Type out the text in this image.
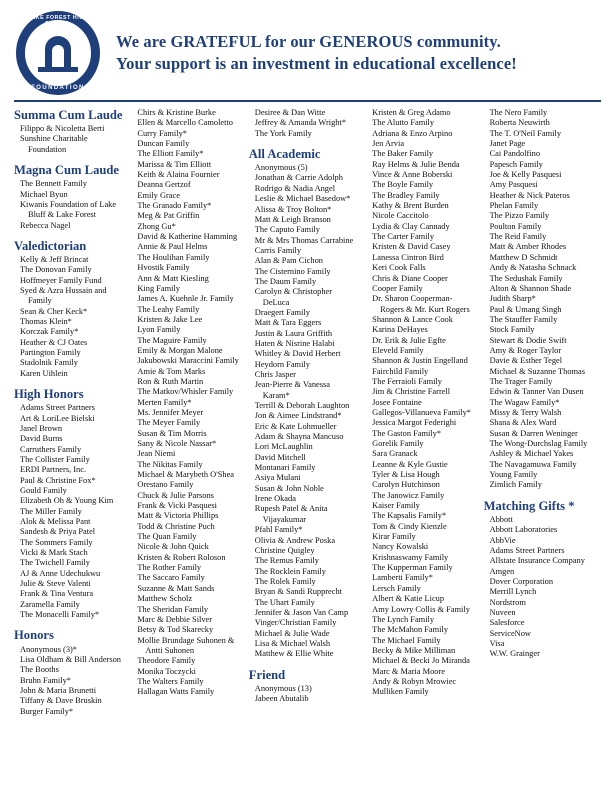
LAKE FOREST HIGH SCHOOL
FOUNDATION
We are GRATEFUL for our GENEROUS community.
Your support is an investment in educational excellence!
Summa Cum Laude
Filippo & Nicoletta Berti
Sunshine Charitable
Foundation
Magna Cum Laude
The Bennett Family
Michael Byun
Kiwanis Foundation of Lake
Bluff & Lake Forest
Rebecca Nagel
Valedictorian
Kelly & Jeff Brincat
The Donovan Family
Hoffmeyer Family Fund
Syed & Azra Hussain and
Family
Sean & Cher Keck*
Thomas Klein*
Korczak Family*
Heather & CJ Oates
Partington Family
Stadolnik Family
Karen Uihlein
High Honors
Adams Street Partners
Art & LoriLee Bielski
Janel Brown
David Burns
Carruthers Family
The Collister Family
ERDI Partners, Inc.
Paul & Christine Fox*
Gould Family
Elizabeth Oh & Young Kim
The Miller Family
Alok & Melissa Pant
Sandesh & Priya Patel
The Sommers Family
Vicki & Mark Stach
The Twichell Family
AJ & Anne Udechukwu
Julie & Steve Valenti
Frank & Tina Ventura
Zaramella Family
The Monacelli Family*
Honors
Anonymous (3)*
Lisa Oldham & Bill Anderson
The Booths
Bruhn Family*
John & Maria Brunetti
Tiffany & Dave Bruskin
Burger Family*
Chirs & Kristine Burke
Ellen & Marcello Camoletto
Curry Family*
Duncan Family
The Elliott Family*
Marissa & Tim Elliott
Keith & Alaina Fournier
Deanna Gertzof
Emily Grace
The Granado Family*
Meg & Pat Griffin
Zhong Gu*
David & Katherine Hamming
Annie & Paul Helms
The Houlihan Family
Hvostik Family
Ann & Matt Kiesling
King Family
James A. Kuehnle Jr. Family
The Leahy Family
Kristen & Jake Lee
Lyon Family
The Maguire Family
Emily & Morgan Malone
Jakubowski Maraccini Family
Amie & Tom Marks
Ron & Ruth Martin
The Matkov/Whisler Family
Merten Family*
Ms. Jennifer Meyer
The Meyer Family
Susan & Tim Morris
Sany & Nicole Nassar*
Jean Niemi
The Nikitas Family
Michael & Marybeth O'Shea
Orestano Family
Chuck & Julie Parsons
Frank & Vicki Pasquesi
Matt & Victoria Phillips
Todd & Christine Puch
The Quan Family
Nicole & John Quick
Kristen & Robert Roloson
The Rother Family
The Saccaro Family
Suzanne & Matt Sands
Matthew Scholz
The Sheridan Family
Marc & Debbie Silver
Betsy & Tod Skarecky
Mollie Brundage Suhonen &
Antti Suhonen
Theodore Family
Monika Toczycki
The Walters Family
Hallagan Watts Family
Desiree & Dan Witte
Jeffrey & Amanda Wright*
The York Family
All Academic
Anonymous (5)
Jonathan & Carrie Adolph
Rodrigo & Nadia Angel
Leslie & Michael Basedow*
Alissa & Troy Bolton*
Matt & Leigh Branson
The Caputo Family
Mr & Mrs Thomas Carrabine
Carris Family
Alan & Pam Cichon
The Cisternino Family
The Daum Family
Carolyn & Christopher
DeLuca
Draegert Family
Matt & Tara Eggers
Justin & Laura Griffith
Haten & Nisrine Halabi
Whitley & David Herbert
Heydorn Family
Chris Jasper
Jean-Pierre & Vanessa
Karam*
Terrill & Deborah Laughton
Jon & Aimee Lindstrand*
Eric & Kate Lohmueller
Adam & Shayna Mancuso
Lori McLaughlin
David Mitchell
Montanari Family
Asiya Mulani
Susan & John Noble
Irene Okada
Rupesh Patel & Anita
Vijayakumar
Pfahl Family*
Olivia & Andrew Poska
Christine Quigley
The Remus Family
The Rocklein Family
The Rolek Family
Bryan & Sandi Rupprecht
The Uhart Family
Jennifer & Jason Van Camp
Vinger/Christian Family
Michael & Julie Wade
Lisa & Michael Walsh
Matthew & Ellie White
Friend
Anonymous (13)
Jabeen Abutalib
Kristen & Greg Adamo
The Alutto Family
Adriana & Enzo Arpino
Jen Arvia
The Baker Family
Ray Helms & Julie Benda
Vince & Anne Boberski
The Boyle Family
The Bradley Family
Kathy & Brent Burden
Nicole Caccitolo
Lydia & Clay Cannady
The Carter Family
Kristen & David Casey
Lanessa Cintron Bird
Keri Cook Falls
Chris & Diane Cooper
Cooper Family
Dr. Sharon Cooperman-
Rogers & Mr. Kurt Rogers
Shannon & Lance Cook
Karina DeHayes
Dr. Erik & Julie Egfte
Eleveld Family
Shannon & Justin Engelland
Fairchild Family
The Ferraioli Family
Jim & Christine Farrell
Josee Fontaine
Gallegos-Villanueva Family*
Jessica Margot Federighi
The Gaston Family*
Gorelik Family
Sara Granack
Leanne & Kyle Gustie
Tyler & Lisa Hough
Carolyn Hutchinson
The Janowicz Family
Kaiser Family
The Kapsalis Family*
Tom & Cindy Kienzle
Kirar Family
Nancy Kowalski
Krishnaswamy Family
The Kupperman Family
Lamberti Family*
Lersch Family
Albert & Katie Licup
Amy Lowry Collis & Family
The Lynch Family
The McMahon Family
The Michael Family
Becky & Mike Milliman
Michael & Becki Jo Miranda
Marc & Maria Moore
Andy & Robyn Mrowiec
Mulliken Family
The Nero Family
Roberta Neuwirth
The T. O'Neil Family
Janet Page
Cai Pandolfino
Papesch Family
Joe & Kelly Pasquesi
Amy Pasquesi
Heather & Nick Pateros
Phelan Family
The Pizzo Family
Poulton Family
The Reid Family
Matt & Amber Rhodes
Matthew D Schmidt
Andy & Natasha Schnack
The Sedushak Family
Alton & Shannon Shade
Judith Sharp*
Paul & Umang Singh
The Stauffer Family
Stock Family
Stewart & Dodie Swift
Amy & Roger Taylor
Davie & Esther Tegel
Michael & Suzanne Thomas
The Trager Family
Edwin & Tanner Van Dusen
The Wagaw Family*
Missy & Terry Walsh
Shana & Alex Ward
Susan & Darren Weninger
The Wong-Durchslag Family
Ashley & Michael Yakes
The Navagamuwa Family
Young Family
Zimlich Family
Matching Gifts *
Abbott
Abbott Laboratories
AbbVie
Adams Street Partners
Allstate Insurance Company
Amgen
Dover Corporation
Merrill Lynch
Nordstrom
Nuveen
Salesforce
ServiceNow
Visa
W.W. Grainger
